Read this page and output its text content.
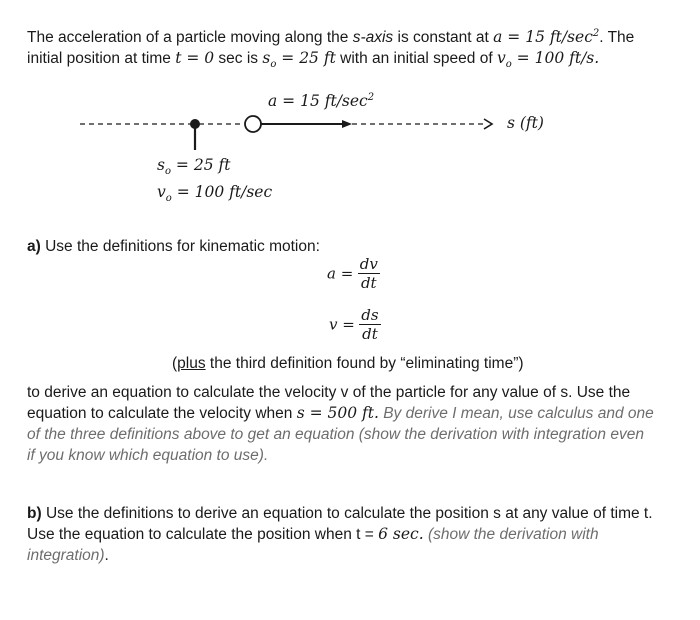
The acceleration of a particle moving along the s-axis is constant at a = 15 $ft/\sec^2$. The
initial position at time t = 0 sec is $s_o = 25$ ft with an initial speed of $v_o = 100$ ft/s.
a = 15 $ft/\sec^2$
s (ft)
$s_o = 25$ ft
$v_o = 100$ ft/sec
a) Use the definitions for kinematic motion:
$a = \frac{dv}{dt}$
$v = \frac{ds}{dt}$
(plus the third definition found by “eliminating time”)
to derive an equation to calculate the velocity v of the particle for any value of s. Use the
equation to calculate the velocity when s = 500 ft. By derive I mean, use calculus and one
of the three definitions above to get an equation (show the derivation with integration even
if you know which equation to use).
b) Use the definitions to derive an equation to calculate the position s at any value of time t.
Use the equation to calculate the position when t = 6 sec. (show the derivation with
integration).
